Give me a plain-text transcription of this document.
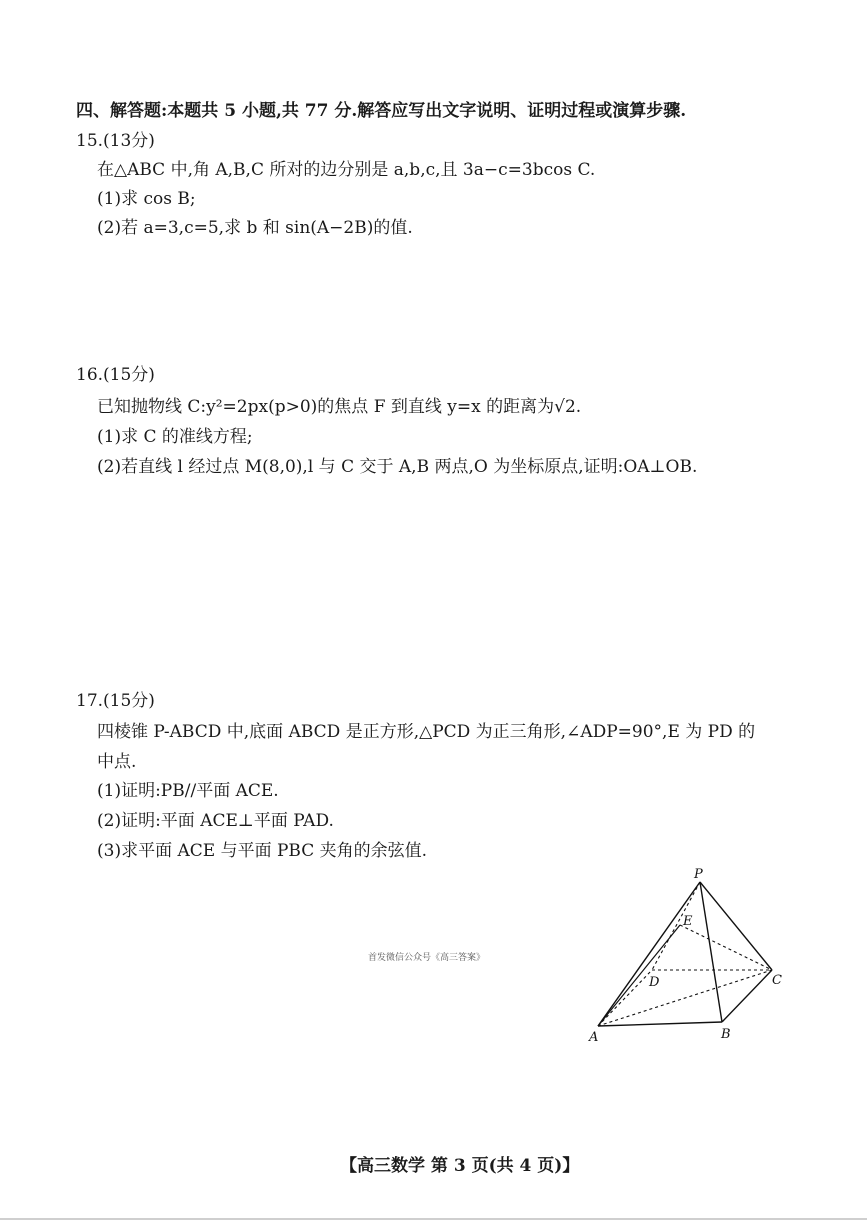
四、解答题:本题共 5 小题,共 77 分.解答应写出文字说明、证明过程或演算步骤.
15.(13分)
在△ABC 中,角 A,B,C 所对的边分别是 a,b,c,且 3a−c=3bcos C.
(1)求 cos B;
(2)若 a=3,c=5,求 b 和 sin(A−2B)的值.
16.(15分)
已知抛物线 C:y²=2px(p>0)的焦点 F 到直线 y=x 的距离为√2.
(1)求 C 的准线方程;
(2)若直线 l 经过点 M(8,0),l 与 C 交于 A,B 两点,O 为坐标原点,证明:OA⊥OB.
17.(15分)
四棱锥 P-ABCD 中,底面 ABCD 是正方形,△PCD 为正三角形,∠ADP=90°,E 为 PD 的
中点.
(1)证明:PB//平面 ACE.
(2)证明:平面 ACE⊥平面 PAD.
(3)求平面 ACE 与平面 PBC 夹角的余弦值.
P
E
D	C
A	B
首发微信公众号《高三答案》
【高三数学 第 3 页(共 4 页)】
